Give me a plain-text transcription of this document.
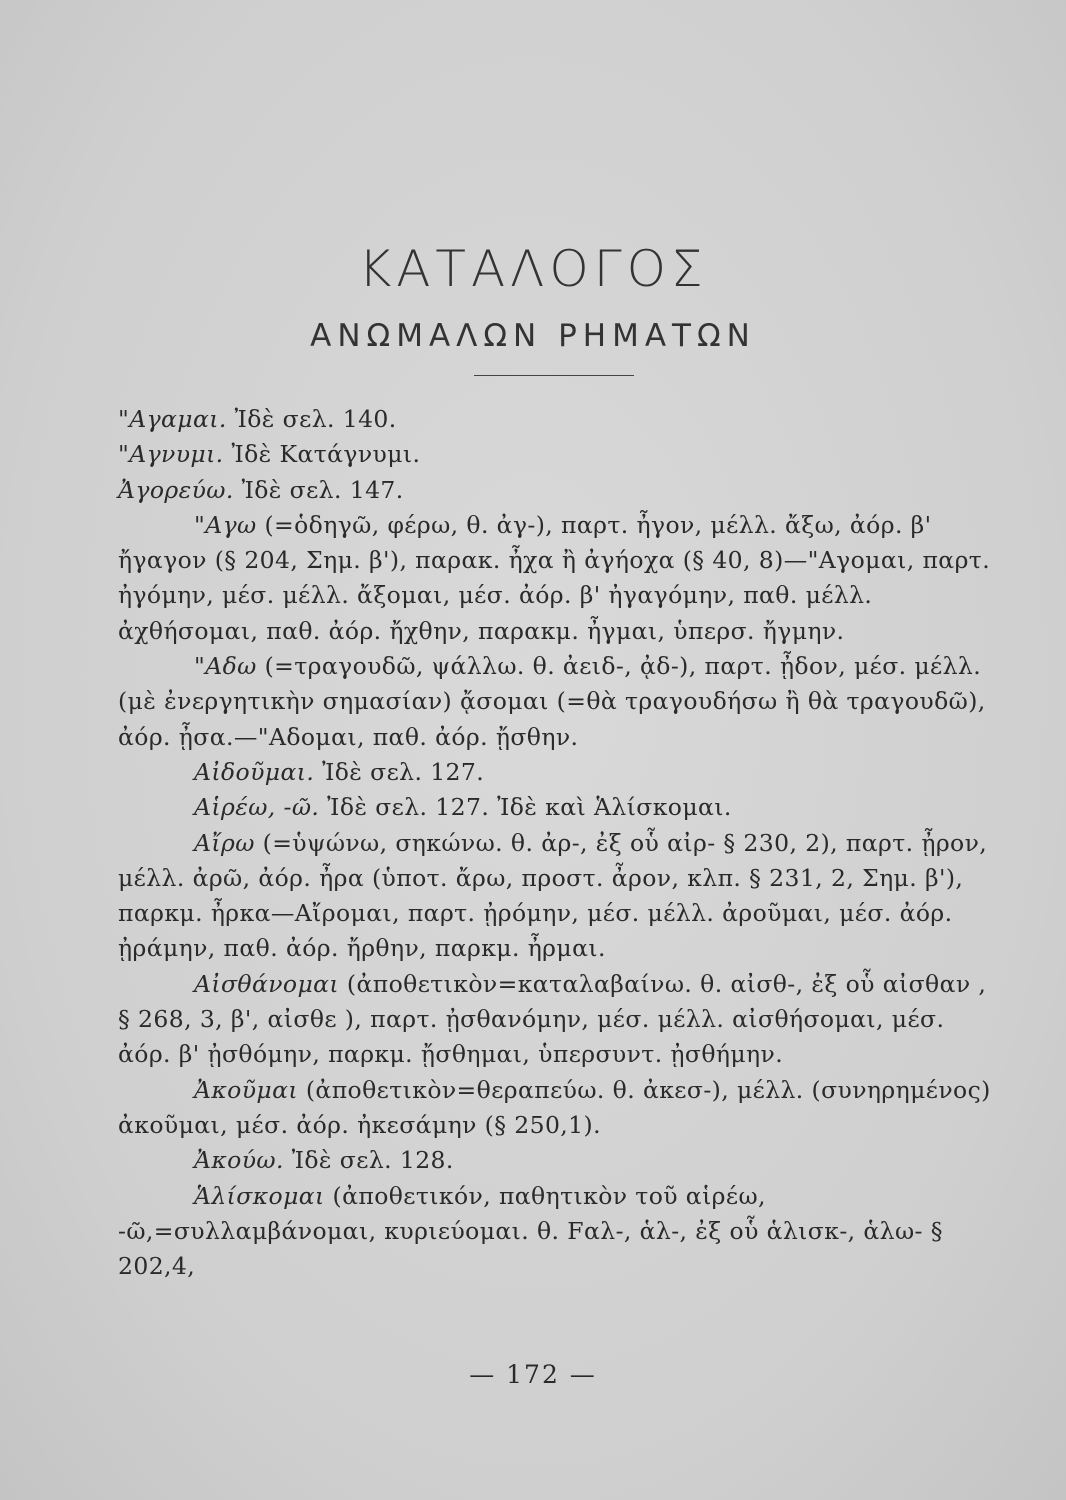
ΚΑΤΑΛΟΓΟΣ
ΑΝΩΜΑΛΩΝ ΡΗΜΑΤΩΝ

"Αγαμαι. Ἰδὲ σελ. 140.

"Αγνυμι. Ἰδὲ Κατάγνυμι.

Ἀγορεύω. Ἰδὲ σελ. 147.

"Αγω (=ὁδηγῶ, φέρω, θ. ἀγ-), παρτ. ἦγον, μέλλ. ἄξω, ἀόρ. β' ἤγαγον (§ 204, Σημ. β'), παρακ. ἦχα ἢ ἀγήοχα (§ 40, 8)—"Αγομαι, παρτ. ἠγόμην, μέσ. μέλλ. ἄξομαι, μέσ. ἀόρ. β' ἠγαγόμην, παθ. μέλλ. ἀχθήσομαι, παθ. ἀόρ. ἤχθην, παρακμ. ἦγμαι, ὑπερσ. ἤγμην.

"Αδω (=τραγουδῶ, ψάλλω. θ. ἀειδ-, ᾀδ-), παρτ. ᾖδον, μέσ. μέλλ. (μὲ ἐνεργητικὴν σημασίαν) ᾄσομαι (=θὰ τραγουδήσω ἢ θὰ τραγουδῶ), ἀόρ. ᾖσα.—"Αδομαι, παθ. ἀόρ. ᾔσθην.

Αἰδοῦμαι. Ἰδὲ σελ. 127.

Αἱρέω, -ῶ. Ἰδὲ σελ. 127. Ἰδὲ καὶ Ἁλίσκομαι.

Αἴρω (=ὑψώνω, σηκώνω. θ. ἀρ-, ἐξ οὗ αἰρ- § 230, 2), παρτ. ᾖρον, μέλλ. ἀρῶ, ἀόρ. ἦρα (ὑποτ. ἄρω, προστ. ἆρον, κλπ. § 231, 2, Σημ. β'), παρκμ. ἦρκα—Αἴρομαι, παρτ. ᾐρόμην, μέσ. μέλλ. ἀροῦμαι, μέσ. ἀόρ. ᾐράμην, παθ. ἀόρ. ἤρθην, παρκμ. ἦρμαι.

Αἰσθάνομαι (ἀποθετικὸν=καταλαβαίνω. θ. αἰσθ-, ἐξ οὗ αἰσθαν , § 268, 3, β', αἰσθε ), παρτ. ᾐσθανόμην, μέσ. μέλλ. αἰσθήσομαι, μέσ. ἀόρ. β' ᾐσθόμην, παρκμ. ᾔσθημαι, ὑπερσυντ. ᾐσθήμην.

Ἀκοῦμαι (ἀποθετικὸν=θεραπεύω. θ. ἀκεσ-), μέλλ. (συνηρημένος) ἀκοῦμαι, μέσ. ἀόρ. ἠκεσάμην (§ 250,1).

Ἀκούω. Ἰδὲ σελ. 128.

Ἁλίσκομαι (ἀποθετικόν, παθητικὸν τοῦ αἱρέω, -ῶ,=συλλαμβάνομαι, κυριεύομαι. θ. Fαλ-, ἁλ-, ἐξ οὗ ἁλισκ-, ἁλω- § 202,4,

— 172 —
